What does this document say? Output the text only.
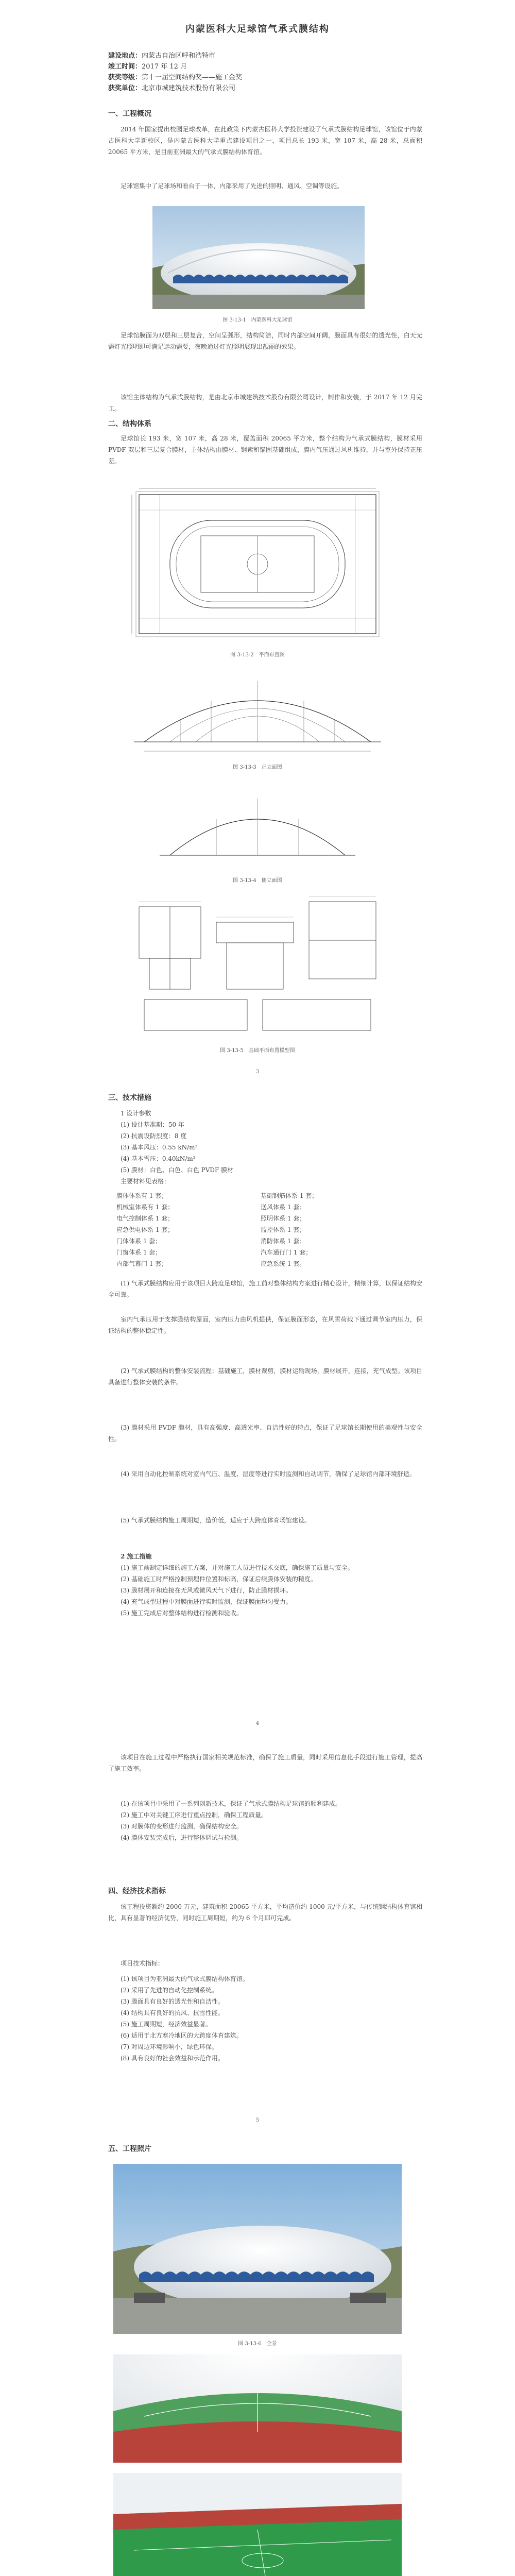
内蒙医科大足球馆气承式膜结构
建设地点：内蒙古自治区呼和浩特市
竣工时间：2017 年 12 月
获奖等级：第十一届空间结构奖——施工金奖
获奖单位：北京市城建筑技术股份有限公司
一、工程概况
2014 年国家提出校园足球改革，在此政策下内蒙古医科大学投资建设了气承式膜结构足球馆，该馆位于内蒙古医科大学新校区，是内蒙古医科大学重点建设项目之一，项目总长 193 米，宽 107 米，高 28 米，总面积 20065 平方米，是目前亚洲最大的气承式膜结构体育馆。
足球馆集中了足球场和看台于一体，内部采用了先进的照明、通风、空调等设施。
图 3-13-1　内蒙医科大足球馆
足球馆膜面为双层和三层复合，空间呈弧形，结构简洁，同时内部空间开阔，膜面具有很好的透光性，白天无需灯光照明即可满足运动需要，夜晚通过灯光照明展现出靓丽的效果。
该馆主体结构为气承式膜结构，是由北京市城建筑技术股份有限公司设计，制作和安装，于 2017 年 12 月完工。
二、结构体系
足球馆长 193 米，宽 107 米，高 28 米，覆盖面积 20065 平方米，整个结构为气承式膜结构，膜材采用 PVDF 双层和三层复合膜材，主体结构由膜材、钢索和锚固基础组成，膜内气压通过风机维持，并与室外保持正压差。
图 3-13-2　平面布置图
图 3-13-3　正立面图
图 3-13-4　侧立面图
图 3-13-5　基础平面布置模型图
3
三、技术措施
1 设计参数
(1) 设计基准期：50 年
(2) 抗震设防烈度：8 度
(3) 基本风压：0.55 kN/m²
(4) 基本雪压：0.40kN/m²
(5) 膜材：白色、白色、白色 PVDF 膜材
主要材料见表格：
膜体体系有 1 套；	基础钢筋体系 1 套；
机械室体系有 1 套；	送风体系 1 套；
电气控制体系 1 套；	照明体系 1 套；
应急供电体系 1 套；	监控体系 1 套；
门体体系 1 套；	消防体系 1 套；
门窗体系 1 套；	汽车通行门 1 套；
内部气幕门 1 套；	应急系统 1 套。
(1) 气承式膜结构应用于该项目大跨度足球馆，施工前对整体结构方案进行精心设计，精细计算，以保证结构安全可靠。
室内气承压用于支撑膜结构屋面，室内压力由风机提供，保证膜面形态，在风雪荷载下通过调节室内压力，保证结构的整体稳定性。
(2) 气承式膜结构的整体安装流程：基础施工，膜材裁剪，膜材运输现场，膜材展开，连接，充气成型。该项目具备进行整体安装的条件。
(3) 膜材采用 PVDF 膜材，具有高强度、高透光率、自洁性好的特点，保证了足球馆长期使用的美观性与安全性。
(4) 采用自动化控制系统对室内气压、温度、湿度等进行实时监测和自动调节，确保了足球馆内部环境舒适。
(5) 气承式膜结构施工周期短，造价低，适应于大跨度体育场馆建设。
2 施工措施
(1) 施工前制定详细的施工方案，并对施工人员进行技术交底，确保施工质量与安全。
(2) 基础施工时严格控制预埋件位置和标高，保证后续膜体安装的精度。
(3) 膜材展开和连接在无风或微风天气下进行，防止膜材损坏。
(4) 充气成型过程中对膜面进行实时监测，保证膜面均匀受力。
(5) 施工完成后对整体结构进行检测和验收。
4
该项目在施工过程中严格执行国家相关规范标准，确保了施工质量，同时采用信息化手段进行施工管理，提高了施工效率。
(1) 在该项目中采用了一系列创新技术，保证了气承式膜结构足球馆的顺利建成。
(2) 施工中对关键工序进行重点控制，确保工程质量。
(3) 对膜体的变形进行监测，确保结构安全。
(4) 膜体安装完成后，进行整体调试与检测。
四、经济技术指标
该工程投资额约 2000 万元，建筑面积 20065 平方米，平均造价约 1000 元/平方米，与传统钢结构体育馆相比，具有显著的经济优势，同时施工周期短，约为 6 个月即可完成。
项目技术指标：
(1) 该项目为亚洲最大的气承式膜结构体育馆。
(2) 采用了先进的自动化控制系统。
(3) 膜面具有良好的透光性和自洁性。
(4) 结构具有良好的抗风、抗雪性能。
(5) 施工周期短，经济效益显著。
(6) 适用于北方寒冷地区的大跨度体育建筑。
(7) 对周边环境影响小，绿色环保。
(8) 具有良好的社会效益和示范作用。
5
五、工程照片
图 3-13-6　全景
